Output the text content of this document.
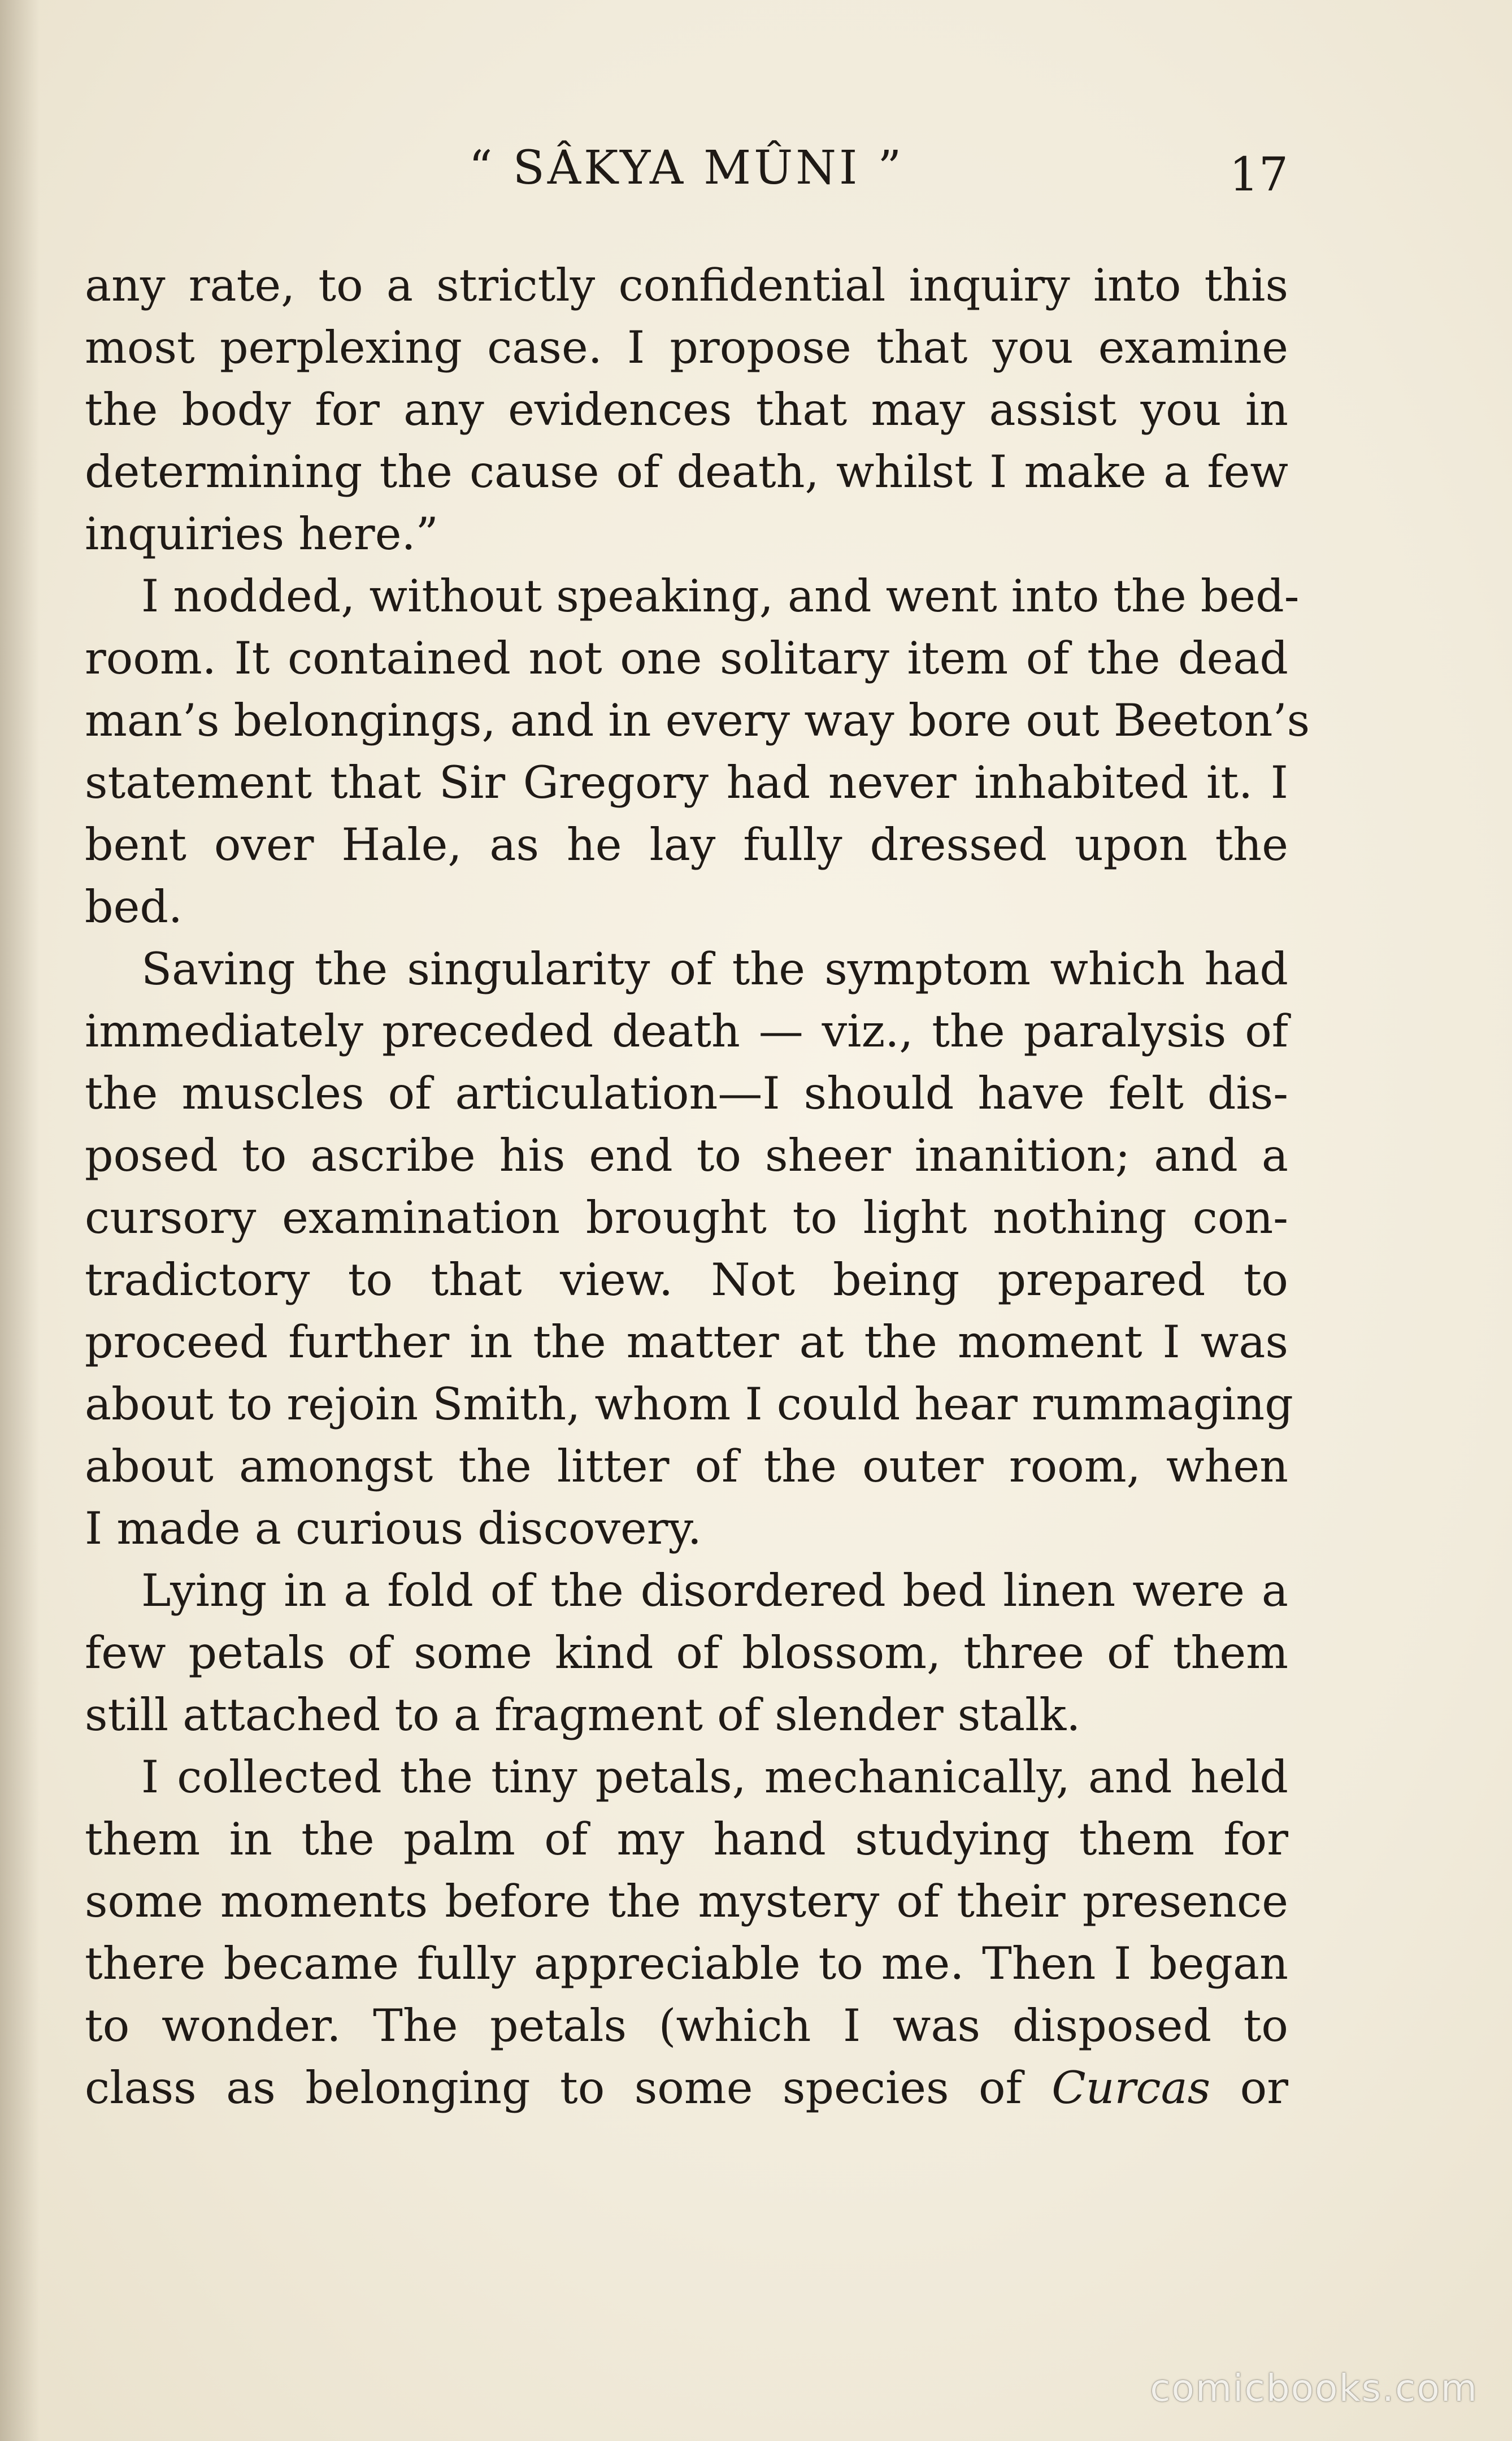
“ SÂKYA MÛNI ”	17
any rate, to a strictly confidential inquiry into this
most perplexing case. I propose that you examine
the body for any evidences that may assist you in
determining the cause of death, whilst I make a few
inquiries here.”
I nodded, without speaking, and went into the bed-
room. It contained not one solitary item of the dead
man’s belongings, and in every way bore out Beeton’s
statement that Sir Gregory had never inhabited it. I
bent over Hale, as he lay fully dressed upon the
bed.
Saving the singularity of the symptom which had
immediately preceded death — viz., the paralysis of
the muscles of articulation—I should have felt dis-
posed to ascribe his end to sheer inanition; and a
cursory examination brought to light nothing con-
tradictory to that view. Not being prepared to
proceed further in the matter at the moment I was
about to rejoin Smith, whom I could hear rummaging
about amongst the litter of the outer room, when
I made a curious discovery.
Lying in a fold of the disordered bed linen were a
few petals of some kind of blossom, three of them
still attached to a fragment of slender stalk.
I collected the tiny petals, mechanically, and held
them in the palm of my hand studying them for
some moments before the mystery of their presence
there became fully appreciable to me. Then I began
to wonder. The petals (which I was disposed to
class as belonging to some species of Curcas or
comicbooks.com
